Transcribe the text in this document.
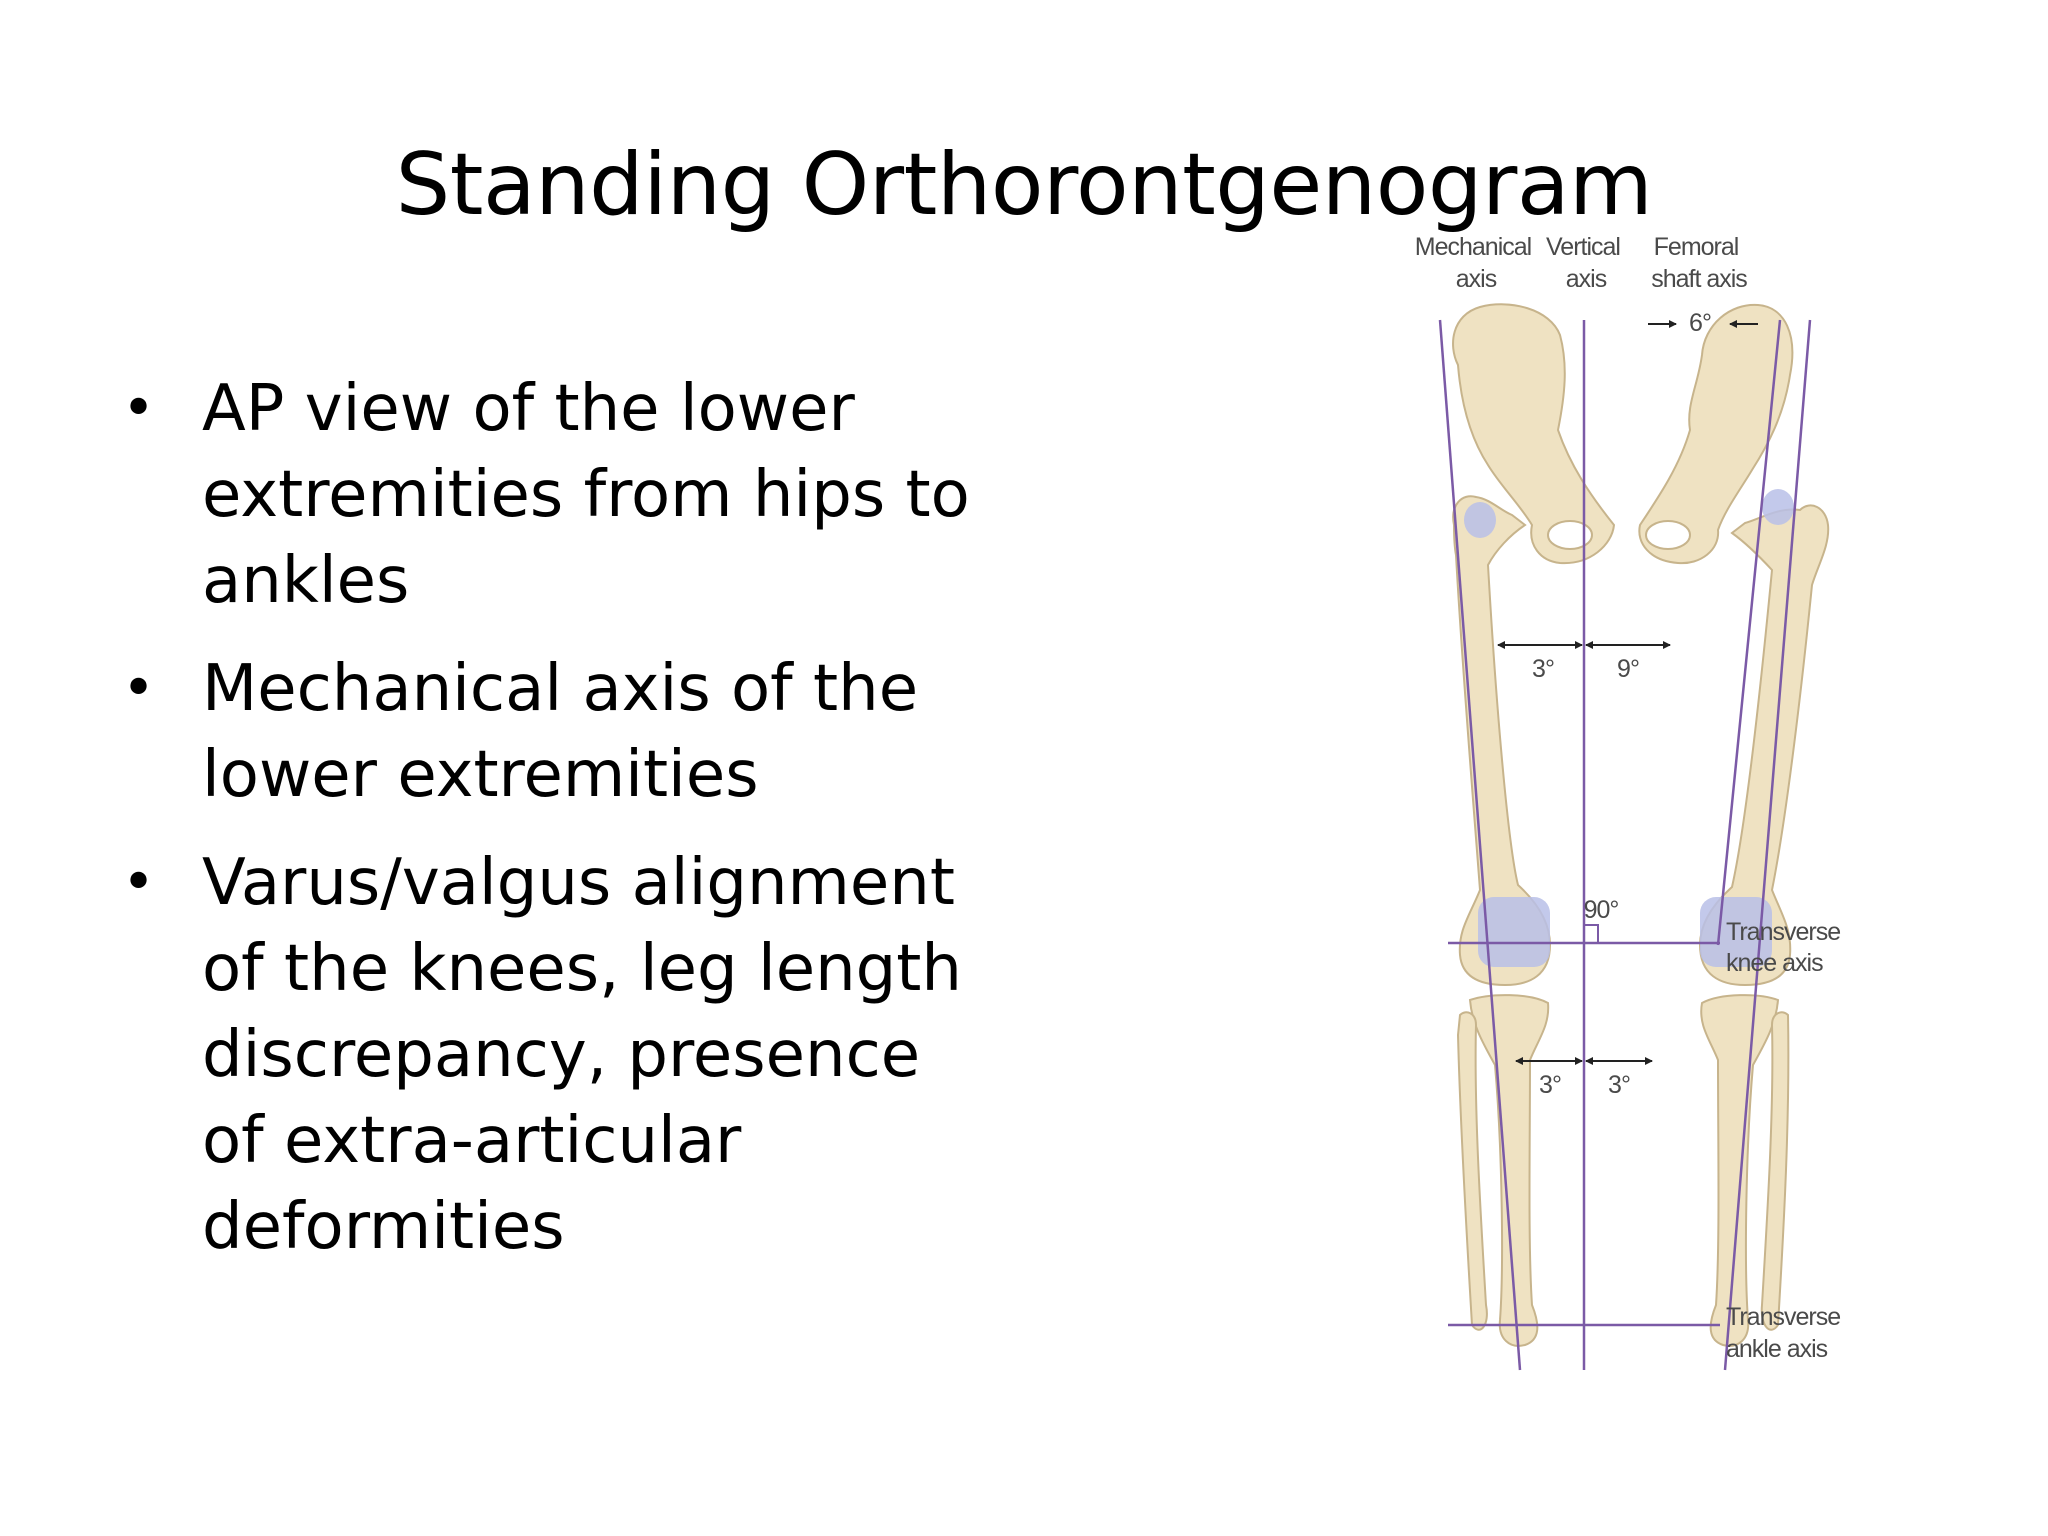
Standing Orthorontgenogram
• AP view of the lower
extremities from hips to
ankles
• Mechanical axis of the
lower extremities
• Varus/valgus alignment
of the knees, leg length
discrepancy, presence
of extra-articular
deformities
Mechanical
axis
Vertical
axis
Femoral
shaft axis
6°
3°	9°
90°
3° 3°
Transverse
knee axis
Transverse
ankle axis
